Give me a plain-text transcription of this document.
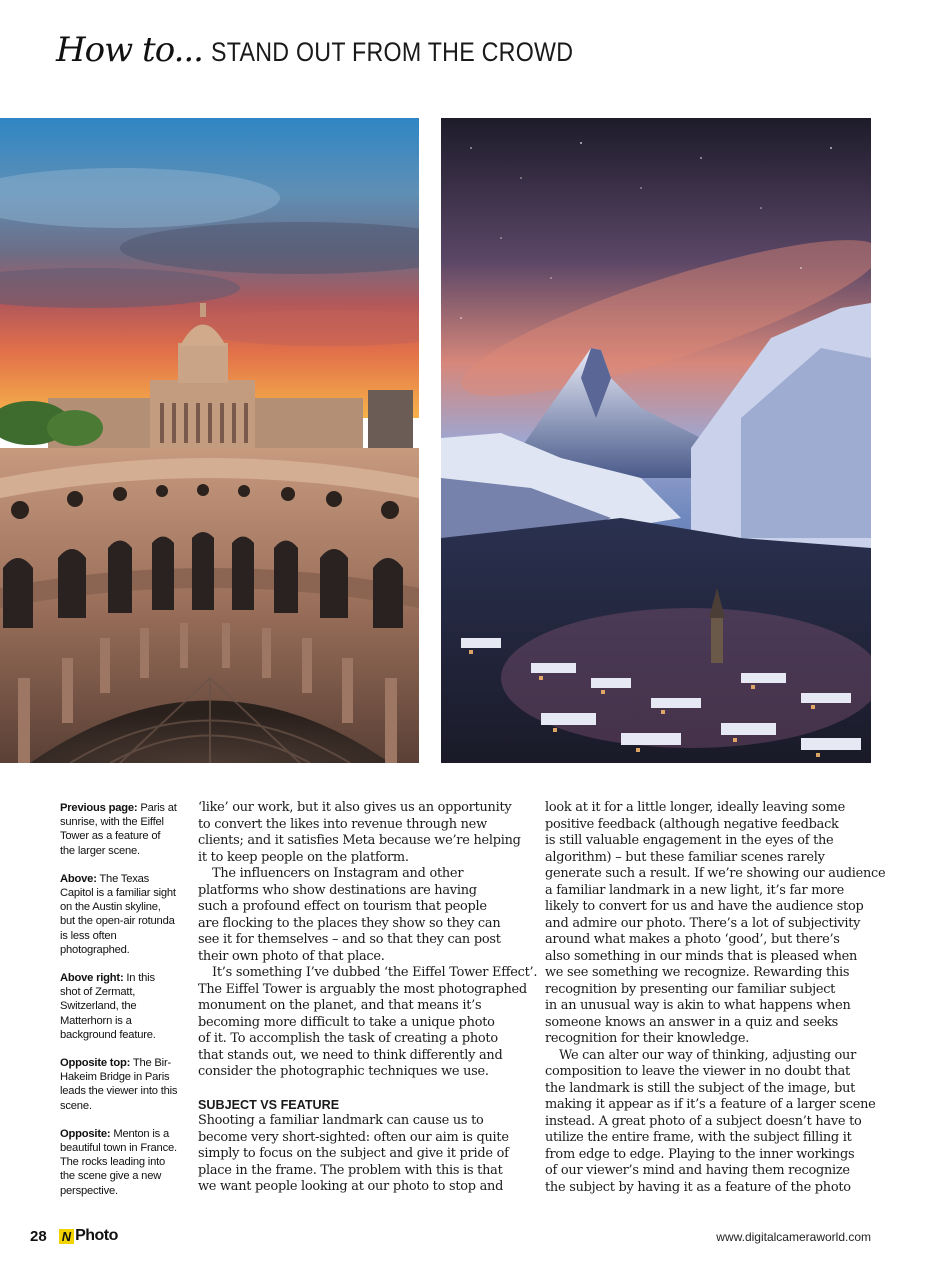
How to... STAND OUT FROM THE CROWD

Previous page: Paris at sunrise, with the Eiffel Tower as a feature of the larger scene.

Above: The Texas Capitol is a familiar sight on the Austin skyline, but the open-air rotunda is less often photographed.

Above right: In this shot of Zermatt, Switzerland, the Matterhorn is a background feature.

Opposite top: The Bir-Hakeim Bridge in Paris leads the viewer into this scene.

Opposite: Menton is a beautiful town in France. The rocks leading into the scene give a new perspective.

‘like’ our work, but it also gives us an opportunity

to convert the likes into revenue through new

clients; and it satisfies Meta because we’re helping

it to keep people on the platform.

The influencers on Instagram and other

platforms who show destinations are having

such a profound effect on tourism that people

are flocking to the places they show so they can

see it for themselves – and so that they can post

their own photo of that place.

It’s something I’ve dubbed ‘the Eiffel Tower Effect’.

The Eiffel Tower is arguably the most photographed

monument on the planet, and that means it’s

becoming more difficult to take a unique photo

of it. To accomplish the task of creating a photo

that stands out, we need to think differently and

consider the photographic techniques we use.

SUBJECT VS FEATURE

Shooting a familiar landmark can cause us to

become very short-sighted: often our aim is quite

simply to focus on the subject and give it pride of

place in the frame. The problem with this is that

we want people looking at our photo to stop and

look at it for a little longer, ideally leaving some

positive feedback (although negative feedback

is still valuable engagement in the eyes of the

algorithm) – but these familiar scenes rarely

generate such a result. If we’re showing our audience

a familiar landmark in a new light, it’s far more

likely to convert for us and have the audience stop

and admire our photo. There’s a lot of subjectivity

around what makes a photo ‘good’, but there’s

also something in our minds that is pleased when

we see something we recognize. Rewarding this

recognition by presenting our familiar subject

in an unusual way is akin to what happens when

someone knows an answer in a quiz and seeks

recognition for their knowledge.

We can alter our way of thinking, adjusting our

composition to leave the viewer in no doubt that

the landmark is still the subject of the image, but

making it appear as if it’s a feature of a larger scene

instead. A great photo of a subject doesn’t have to

utilize the entire frame, with the subject filling it

from edge to edge. Playing to the inner workings

of our viewer’s mind and having them recognize

the subject by having it as a feature of the photo

28 N Photo	www.digitalcameraworld.com
